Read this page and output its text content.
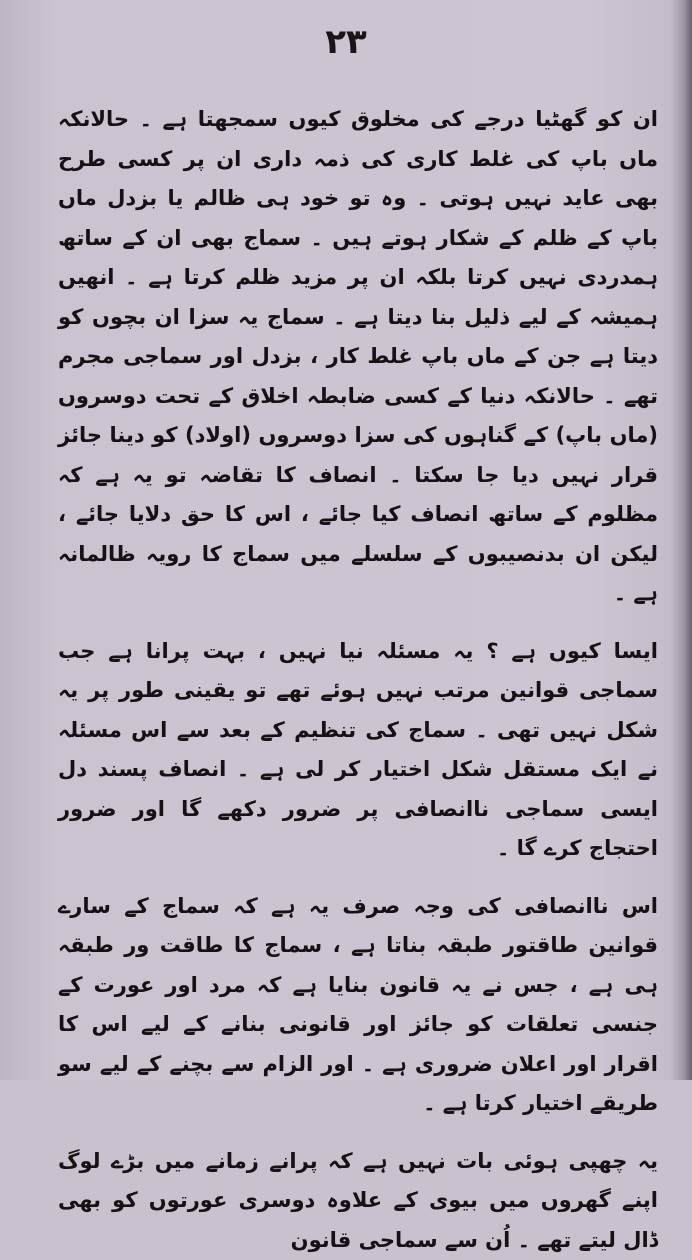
۲۳

ان کو گھٹیا درجے کی مخلوق کیوں سمجھتا ہے ۔ حالانکہ ماں باپ کی غلط کاری کی ذمہ داری ان پر کسی طرح بھی عاید نہیں ہوتی ۔ وہ تو خود ہی ظالم یا بزدل ماں باپ کے ظلم کے شکار ہوتے ہیں ۔ سماج بھی ان کے ساتھ ہمدردی نہیں کرتا بلکہ ان پر مزید ظلم کرتا ہے ۔ انھیں ہمیشہ کے لیے ذلیل بنا دیتا ہے ۔ سماج یہ سزا ان بچوں کو دیتا ہے جن کے ماں باپ غلط کار ، بزدل اور سماجی مجرم تھے ۔ حالانکہ دنیا کے کسی ضابطہ اخلاق کے تحت دوسروں (ماں باپ) کے گناہوں کی سزا دوسروں (اولاد) کو دینا جائز قرار نہیں دیا جا سکتا ۔ انصاف کا تقاضہ تو یہ ہے کہ مظلوم کے ساتھ انصاف کیا جائے ، اس کا حق دلایا جائے ، لیکن ان بدنصیبوں کے سلسلے میں سماج کا رویہ ظالمانہ ہے ۔

ایسا کیوں ہے ؟ یہ مسئلہ نیا نہیں ، بہت پرانا ہے جب سماجی قوانین مرتب نہیں ہوئے تھے تو یقینی طور پر یہ شکل نہیں تھی ۔ سماج کی تنظیم کے بعد سے اس مسئلہ نے ایک مستقل شکل اختیار کر لی ہے ۔ انصاف پسند دل ایسی سماجی ناانصافی پر ضرور دکھے گا اور ضرور احتجاج کرے گا ۔

اس ناانصافی کی وجہ صرف یہ ہے کہ سماج کے سارے قوانین طاقتور طبقہ بناتا ہے ، سماج کا طاقت ور طبقہ ہی ہے ، جس نے یہ قانون بنایا ہے کہ مرد اور عورت کے جنسی تعلقات کو جائز اور قانونی بنانے کے لیے اس کا اقرار اور اعلان ضروری ہے ۔ اور الزام سے بچنے کے لیے سو طریقے اختیار کرتا ہے ۔

یہ چھپی ہوئی بات نہیں ہے کہ پرانے زمانے میں بڑے لوگ اپنے گھروں میں بیوی کے علاوہ دوسری عورتوں کو بھی ڈال لیتے تھے ۔ اُن سے سماجی قانون
